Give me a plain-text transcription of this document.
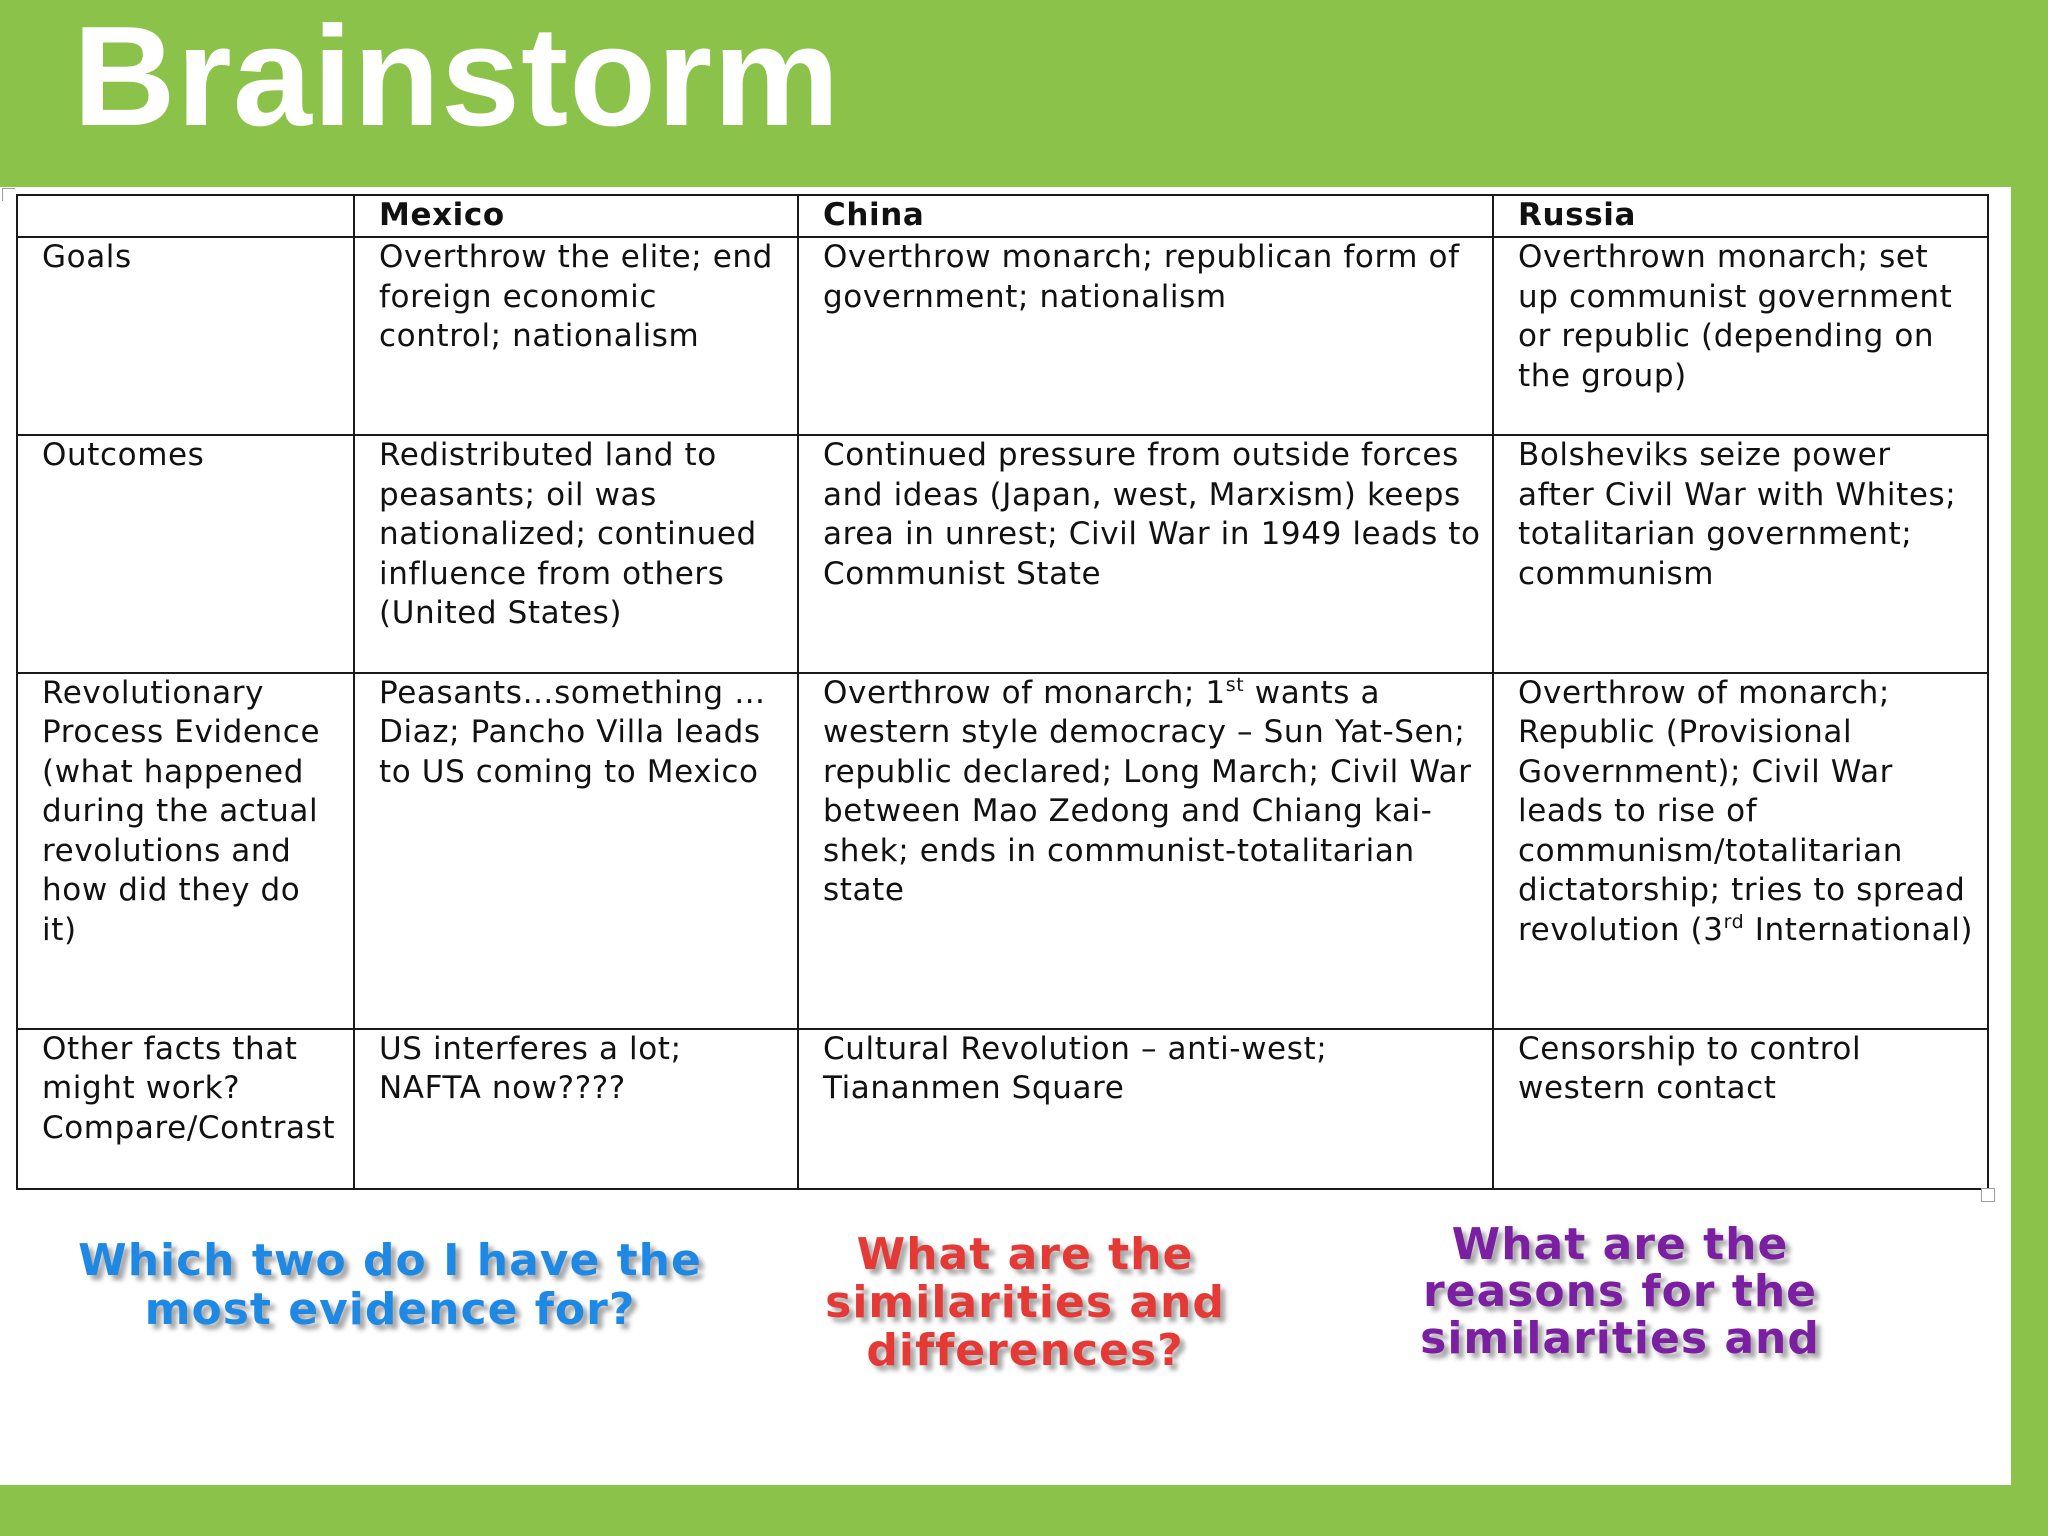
Brainstorm
	Mexico	China	Russia
Goals	Overthrow the elite; end foreign economic control; nationalism	Overthrow monarch; republican form of government; nationalism	Overthrown monarch; set up communist government or republic (depending on the group)
Outcomes	Redistributed land to peasants; oil was nationalized; continued influence from others (United States)	Continued pressure from outside forces and ideas (Japan, west, Marxism) keeps area in unrest; Civil War in 1949 leads to Communist State	Bolsheviks seize power after Civil War with Whites; totalitarian government; communism
Revolutionary Process Evidence (what happened during the actual revolutions and how did they do it)	Peasants…something … Diaz; Pancho Villa leads to US coming to Mexico	Overthrow of monarch; 1st wants a western style democracy – Sun Yat-Sen; republic declared; Long March; Civil War between Mao Zedong and Chiang kai-shek; ends in communist-totalitarian state	Overthrow of monarch; Republic (Provisional Government); Civil War leads to rise of communism/totalitarian dictatorship; tries to spread revolution (3rd International)
Other facts that might work? Compare/Contrast	US interferes a lot; NAFTA now????	Cultural Revolution – anti-west; Tiananmen Square	Censorship to control western contact

Which two do I have the
most evidence for?

What are the
similarities and
differences?

What are the
reasons for the
similarities and
